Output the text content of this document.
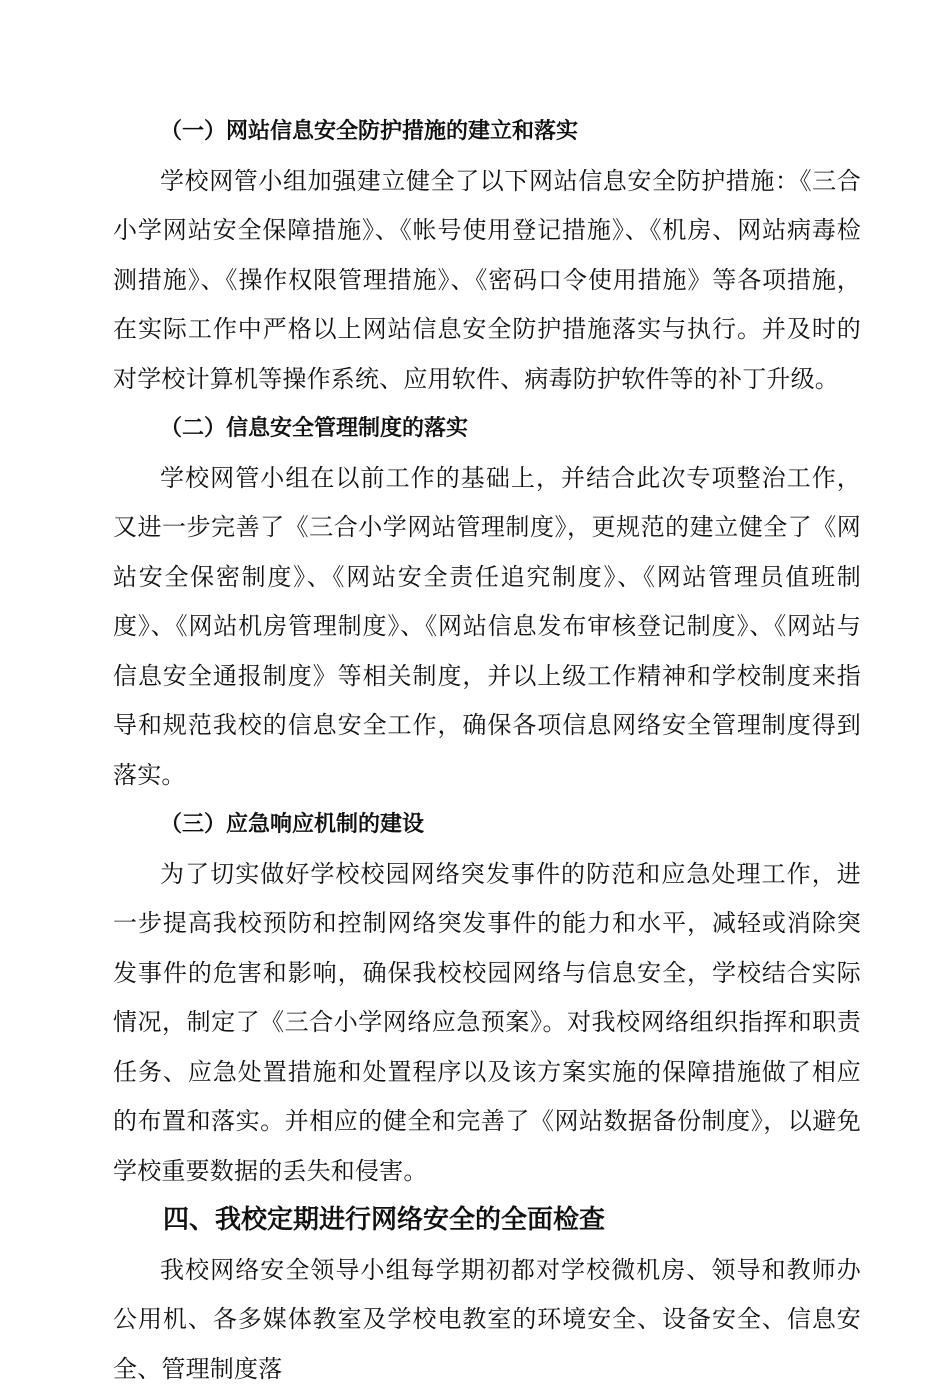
（一）网站信息安全防护措施的建立和落实

学校网管小组加强建立健全了以下网站信息安全防护措施：《三合小学网站安全保障措施》、《帐号使用登记措施》、《机房、网站病毒检测措施》、《操作权限管理措施》、《密码口令使用措施》等各项措施，在实际工作中严格以上网站信息安全防护措施落实与执行。并及时的对学校计算机等操作系统、应用软件、病毒防护软件等的补丁升级。

（二）信息安全管理制度的落实

学校网管小组在以前工作的基础上，并结合此次专项整治工作，又进一步完善了《三合小学网站管理制度》，更规范的建立健全了《网站安全保密制度》、《网站安全责任追究制度》、《网站管理员值班制度》、《网站机房管理制度》、《网站信息发布审核登记制度》、《网站与信息安全通报制度》等相关制度，并以上级工作精神和学校制度来指导和规范我校的信息安全工作，确保各项信息网络安全管理制度得到落实。

（三）应急响应机制的建设

为了切实做好学校校园网络突发事件的防范和应急处理工作，进一步提高我校预防和控制网络突发事件的能力和水平，减轻或消除突发事件的危害和影响，确保我校校园网络与信息安全，学校结合实际情况，制定了《三合小学网络应急预案》。对我校网络组织指挥和职责任务、应急处置措施和处置程序以及该方案实施的保障措施做了相应的布置和落实。并相应的健全和完善了《网站数据备份制度》，以避免学校重要数据的丢失和侵害。

四、我校定期进行网络安全的全面检查

我校网络安全领导小组每学期初都对学校微机房、领导和教师办公用机、各多媒体教室及学校电教室的环境安全、设备安全、信息安全、管理制度落
